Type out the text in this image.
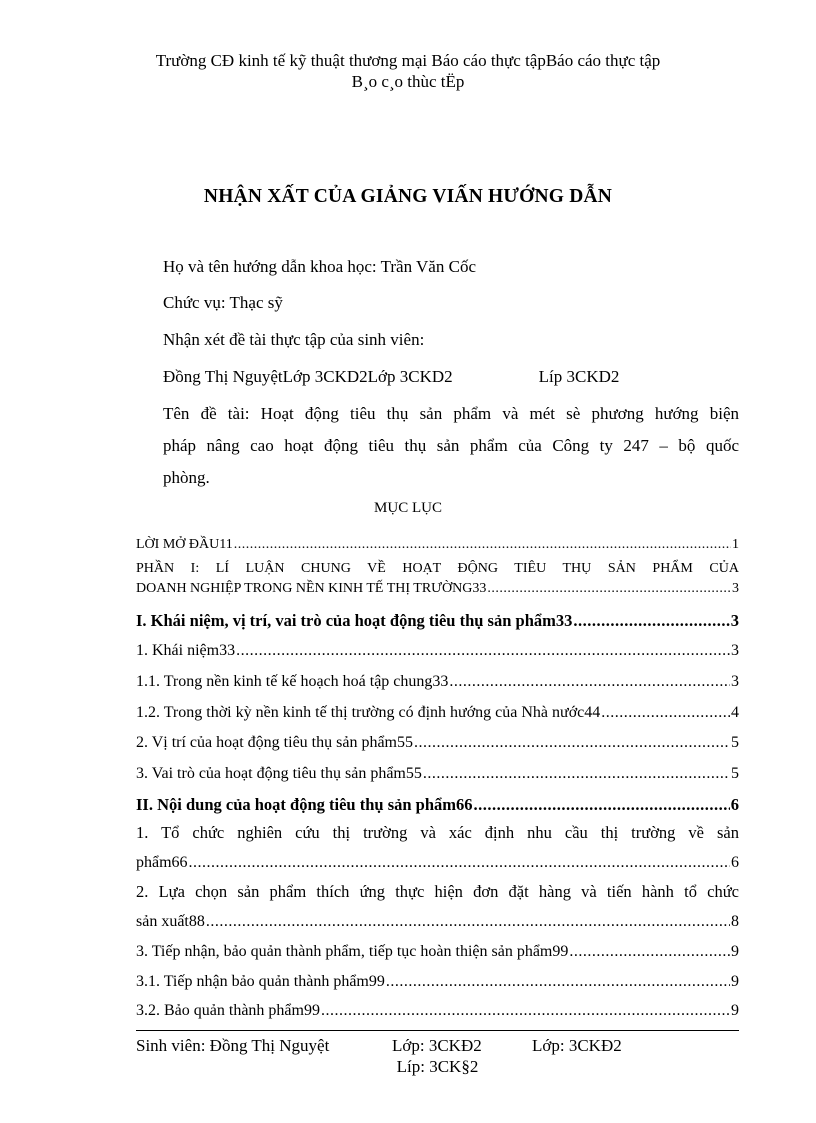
Trường CĐ kinh tế kỹ thuật thương mại Báo cáo thực tậpBáo cáo thực tập
B¸o c¸o thùc tËp
NHẬN XẤT CỦA GIẢNG VIẤN HƯỚNG DẪN
Họ và tên hướng dẫn khoa học: Trần Văn Cốc
Chức vụ: Thạc sỹ
Nhận xét đề tài thực tập của sinh viên:
Đồng Thị NguyệtLớp 3CKD2Lớp 3CKD2	Líp 3CKD2
Tên đề tài: Hoạt động tiêu thụ sản phẩm và mét sè phương hướng biện
pháp nâng cao hoạt động tiêu thụ sản phẩm của Công ty 247 – bộ quốc
phòng.
MỤC LỤC
LỜI MỞ ĐẦU11 .....	1
PHẦN I: LÍ LUẬN CHUNG VỀ HOẠT ĐỘNG TIÊU THỤ SẢN PHẨM CỦA
DOANH NGHIỆP TRONG NỀN KINH TẾ THỊ TRƯỜNG33 .....	3
I. Khái niệm, vị trí, vai trò của hoạt động tiêu thụ sản phẩm33 .....	3
1. Khái niệm33 .....	3
1.1. Trong nền kinh tế kế hoạch hoá tập chung33 .....	3
1.2. Trong thời kỳ nền kinh tế thị trường có định hướng của Nhà nước44 .....	4
2. Vị trí của hoạt động tiêu thụ sản phẩm55 .....	5
3. Vai trò của hoạt động tiêu thụ sản phẩm55 .....	5
II. Nội dung của hoạt động tiêu thụ sản phẩm66 .....	6
1. Tổ chức nghiên cứu thị trường và xác định nhu cầu thị trường về sản
phẩm66 .....	6
2. Lựa chọn sản phẩm thích ứng thực hiện đơn đặt hàng và tiến hành tổ chức
sản xuất88 .....	8
3. Tiếp nhận, bảo quản thành phẩm, tiếp tục hoàn thiện sản phẩm99 .....	9
3.1. Tiếp nhận bảo quản thành phẩm99 .....	9
3.2. Bảo quản thành phẩm99 .....	9
Sinh viên: Đồng Thị Nguyệt	Lớp: 3CKĐ2	Lớp: 3CKĐ2
Líp: 3CK§2
